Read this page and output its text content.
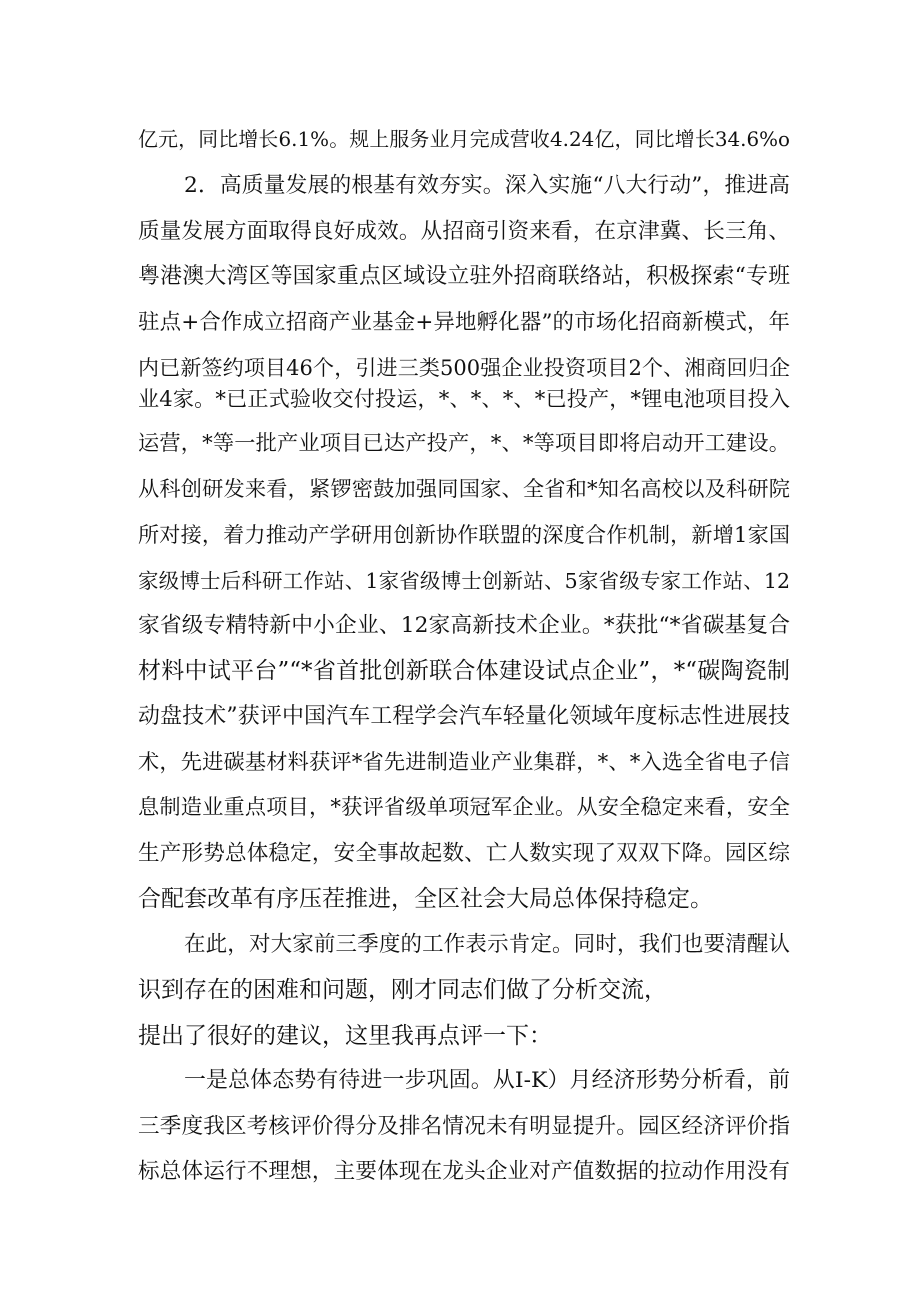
亿元，同比增长6.1%。规上服务业月完成营收4.24亿，同比增长34.6%o
2．高质量发展的根基有效夯实。深入实施“八大行动”，推进高
质量发展方面取得良好成效。从招商引资来看，在京津冀、长三角、
粤港澳大湾区等国家重点区域设立驻外招商联络站，积极探索“专班
驻点+合作成立招商产业基金+异地孵化器”的市场化招商新模式，年
内已新签约项目46个，引进三类500强企业投资项目2个、湘商回归企
业4家。*已正式验收交付投运，*、*、*、*已投产，*锂电池项目投入
运营，*等一批产业项目已达产投产，*、*等项目即将启动开工建设。
从科创研发来看，紧锣密鼓加强同国家、全省和*知名高校以及科研院
所对接，着力推动产学研用创新协作联盟的深度合作机制，新增1家国
家级博士后科研工作站、1家省级博士创新站、5家省级专家工作站、12
家省级专精特新中小企业、12家高新技术企业。*获批“*省碳基复合
材料中试平台”“*省首批创新联合体建设试点企业”，*“碳陶瓷制
动盘技术”获评中国汽车工程学会汽车轻量化领域年度标志性进展技
术，先进碳基材料获评*省先进制造业产业集群，*、*入选全省电子信
息制造业重点项目，*获评省级单项冠军企业。从安全稳定来看，安全
生产形势总体稳定，安全事故起数、亡人数实现了双双下降。园区综
合配套改革有序压茬推进，全区社会大局总体保持稳定。
在此，对大家前三季度的工作表示肯定。同时，我们也要清醒认
识到存在的困难和问题，刚才同志们做了分析交流，
提出了很好的建议，这里我再点评一下：
一是总体态势有待进一步巩固。从I-K）月经济形势分析看，前
三季度我区考核评价得分及排名情况未有明显提升。园区经济评价指
标总体运行不理想，主要体现在龙头企业对产值数据的拉动作用没有
